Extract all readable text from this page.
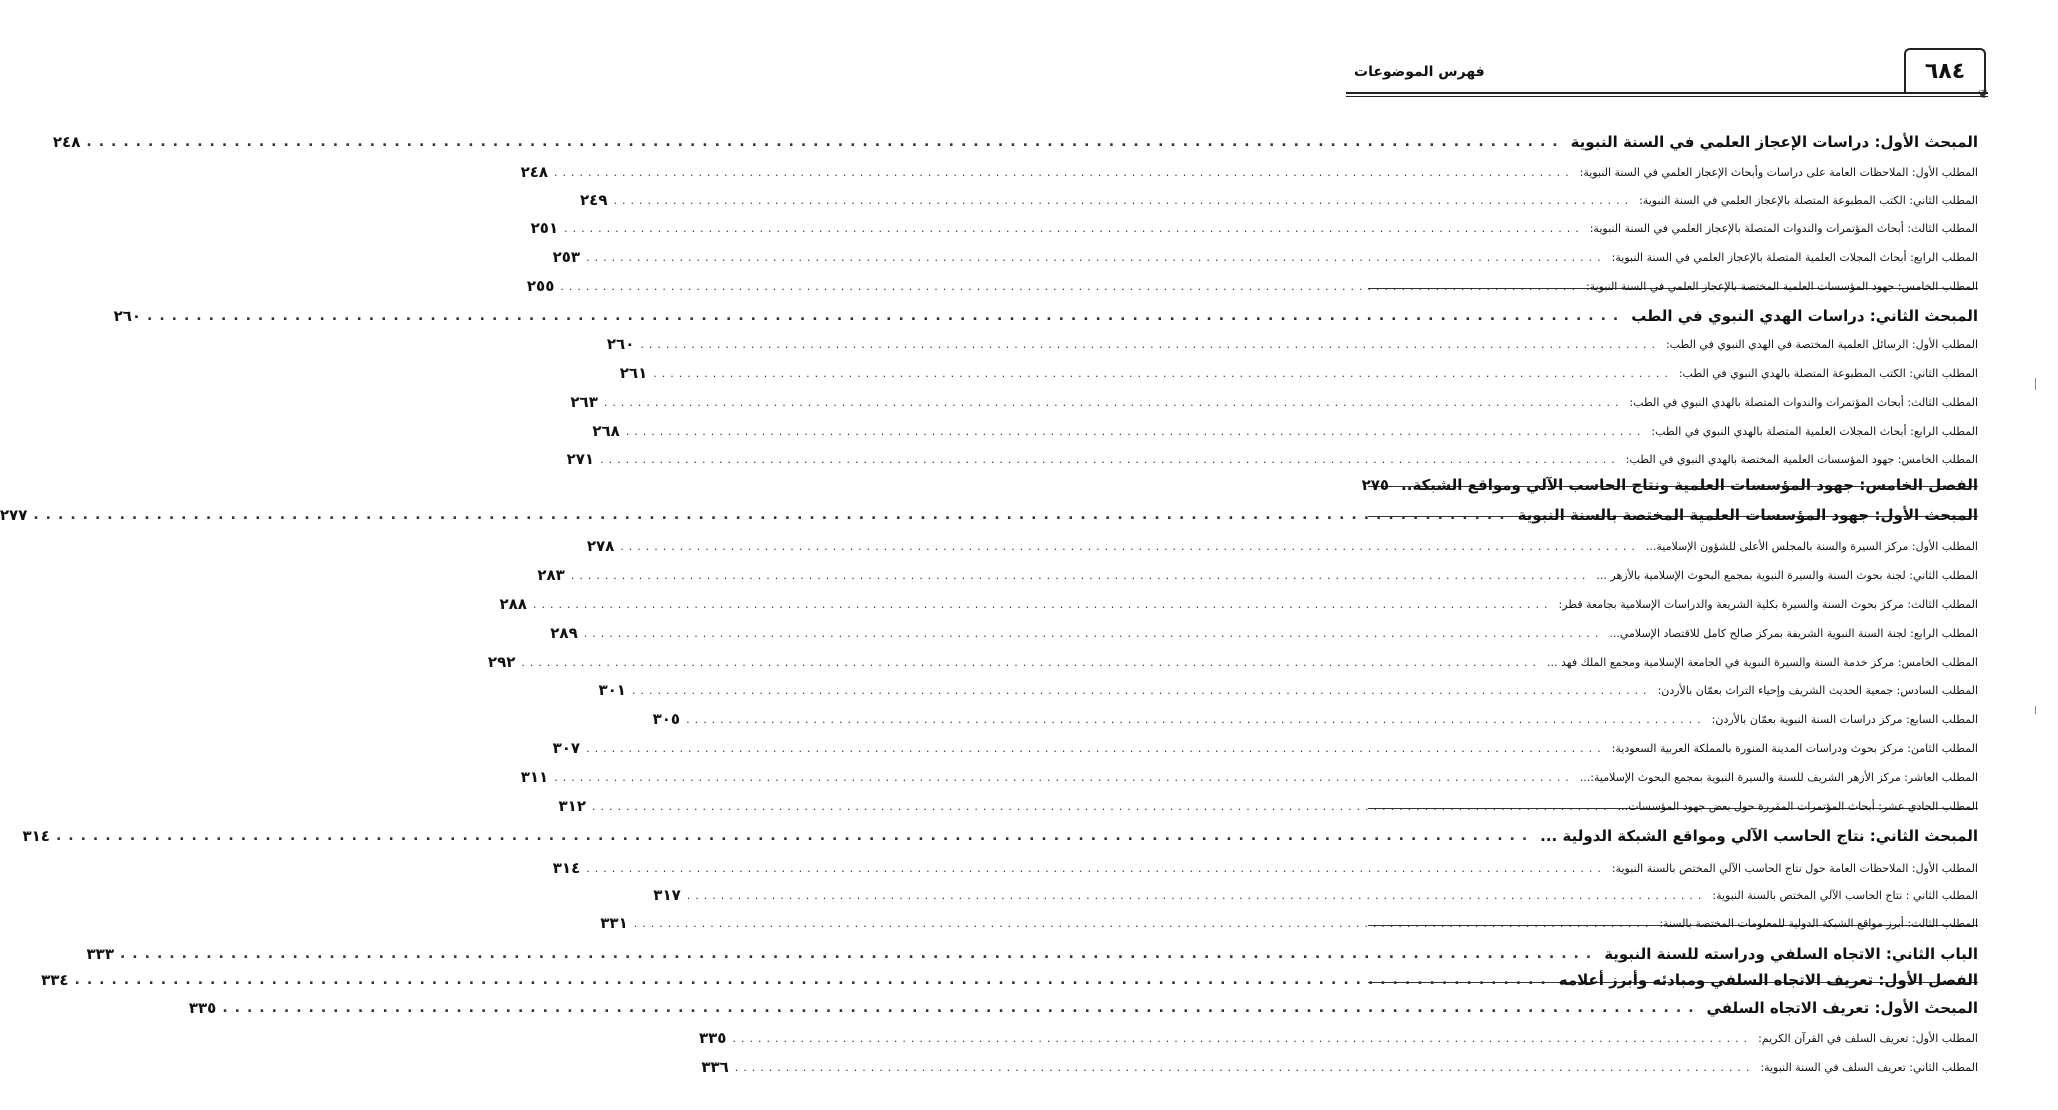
فهرس الموضوعات	٦٨٤
❦
المبحث الأول: دراسات الإعجاز العلمي في السنة النبوية
........................................................................................................................
٢٤٨
المطلب الأول: الملاحظات العامة على دراسات وأبحاث الإعجاز العلمي في السنة النبوية:
........................................................................................................................
٢٤٨
المطلب الثاني: الكتب المطبوعة المتصلة بالإعجاز العلمي في السنة النبوية:
........................................................................................................................
٢٤٩
المطلب الثالث: أبحاث المؤتمرات والندوات المتصلة بالإعجاز العلمي في السنة النبوية:
........................................................................................................................
٢٥١
المطلب الرابع: أبحاث المجلات العلمية المتصلة بالإعجاز العلمي في السنة النبوية:
........................................................................................................................
٢٥٣
المطلب الخامس: جهود المؤسسات العلمية المختصة بالإعجاز العلمي في السنة النبوية:
........................................................................................................................
٢٥٥
المبحث الثاني: دراسات الهدي النبوي في الطب
........................................................................................................................
٢٦٠
المطلب الأول: الرسائل العلمية المختصة في الهدي النبوي في الطب:
........................................................................................................................
٢٦٠
المطلب الثاني: الكتب المطبوعة المتصلة بالهدي النبوي في الطب:
........................................................................................................................
٢٦١
المطلب الثالث: أبحاث المؤتمرات والندوات المتصلة بالهدي النبوي في الطب:
........................................................................................................................
٢٦٣
المطلب الرابع: أبحاث المجلات العلمية المتصلة بالهدي النبوي في الطب:
........................................................................................................................
٢٦٨
المطلب الخامس: جهود المؤسسات العلمية المختصة بالهدي النبوي في الطب:
........................................................................................................................
٢٧١
الفصل الخامس: جهود المؤسسات العلمية ونتاج الحاسب الآلي ومواقع الشبكة..
٢٧٥
المبحث الأول: جهود المؤسسات العلمية المختصة بالسنة النبوية
........................................................................................................................
٢٧٧
المطلب الأول: مركز السيرة والسنة بالمجلس الأعلى للشؤون الإسلامية...
........................................................................................................................
٢٧٨
المطلب الثاني: لجنة بحوث السنة والسيرة النبوية بمجمع البحوث الإسلامية بالأزهر ...
........................................................................................................................
٢٨٣
المطلب الثالث: مركز بحوث السنة والسيرة بكلية الشريعة والدراسات الإسلامية بجامعة قطر:
........................................................................................................................
٢٨٨
المطلب الرابع: لجنة السنة النبوية الشريفة بمركز صالح كامل للاقتصاد الإسلامي...
........................................................................................................................
٢٨٩
المطلب الخامس: مركز خدمة السنة والسيرة النبوية في الجامعة الإسلامية ومجمع الملك فهد ...
........................................................................................................................
٢٩٢
المطلب السادس: جمعية الحديث الشريف وإحياء التراث بعمّان بالأردن:
........................................................................................................................
٣٠١
المطلب السابع: مركز دراسات السنة النبوية بعمّان بالأردن:
........................................................................................................................
٣٠٥
المطلب الثامن: مركز بحوث ودراسات المدينة المنورة بالمملكة العربية السعودية:
........................................................................................................................
٣٠٧
المطلب العاشر: مركز الأزهر الشريف للسنة والسيرة النبوية بمجمع البحوث الإسلامية:...
........................................................................................................................
٣١١
المطلب الحادي عشر: أبحاث المؤتمرات المقررة حول بعض جهود المؤسسات...
........................................................................................................................
٣١٢
المبحث الثاني: نتاج الحاسب الآلي ومواقع الشبكة الدولية ...
........................................................................................................................
٣١٤
المطلب الأول: الملاحظات العامة حول نتاج الحاسب الآلي المختص بالسنة النبوية:
........................................................................................................................
٣١٤
المطلب الثاني : نتاج الحاسب الآلي المختص بالسنة النبوية:
........................................................................................................................
٣١٧
المطلب الثالث: أبرز مواقع الشبكة الدولية للمعلومات المختصة بالسنة:
........................................................................................................................
٣٣١
الباب الثاني: الاتجاه السلفي ودراسته للسنة النبوية
........................................................................................................................
٣٣٣
الفصل الأول: تعريف الاتجاه السلفي ومبادئه وأبرز أعلامه
........................................................................................................................
٣٣٤
المبحث الأول: تعريف الاتجاه السلفي
........................................................................................................................
٣٣٥
المطلب الأول: تعريف السلف في القرآن الكريم:
........................................................................................................................
٣٣٥
المطلب الثاني: تعريف السلف في السنة النبوية:
........................................................................................................................
٣٣٦
